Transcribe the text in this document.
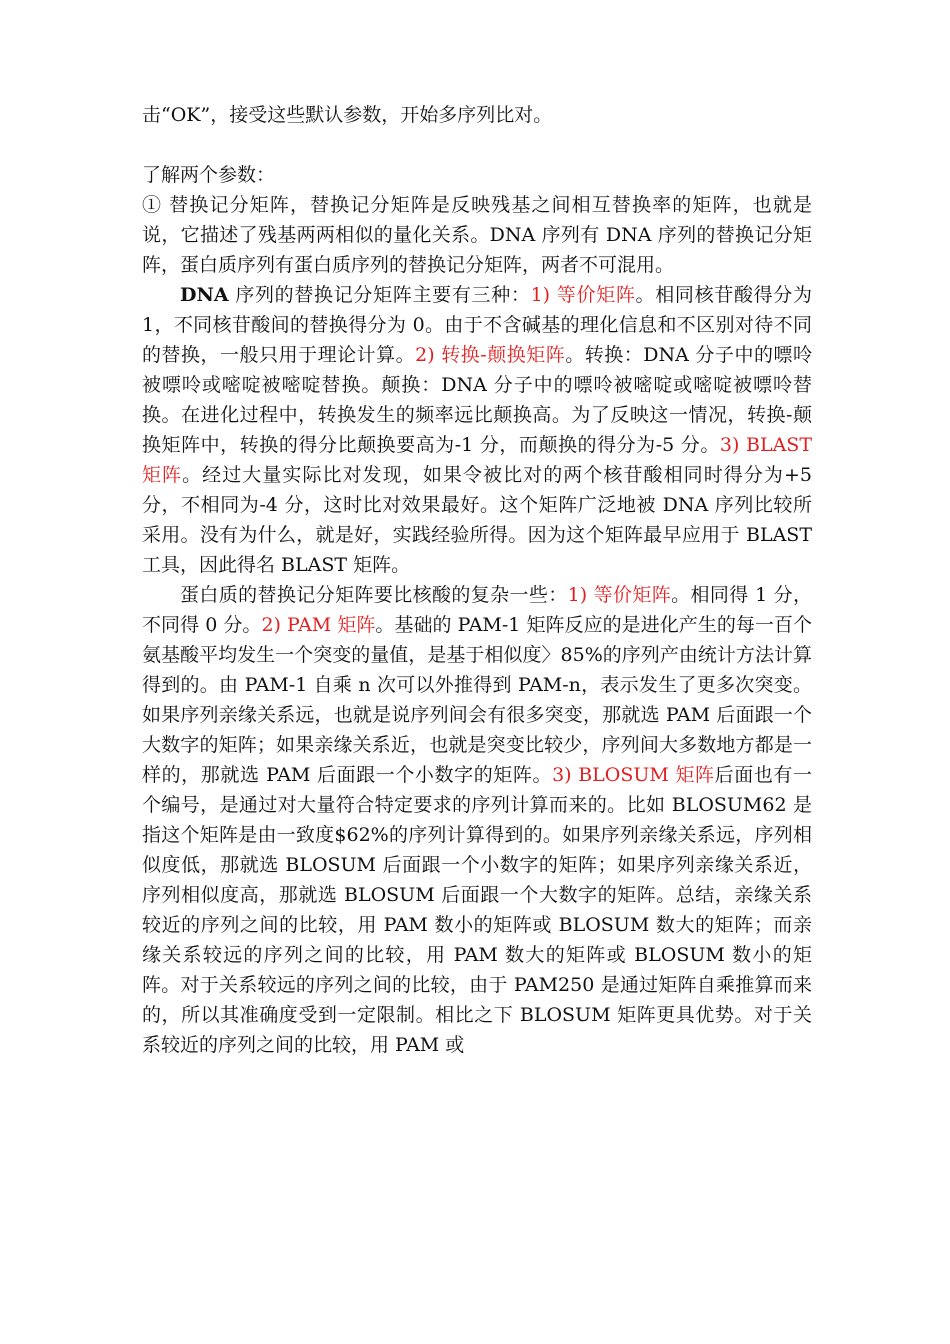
击“OK”，接受这些默认参数，开始多序列比对。

了解两个参数：

① 替换记分矩阵，替换记分矩阵是反映残基之间相互替换率的矩阵，也就是说，它描述了残基两两相似的量化关系。DNA 序列有 DNA 序列的替换记分矩阵，蛋白质序列有蛋白质序列的替换记分矩阵，两者不可混用。

DNA 序列的替换记分矩阵主要有三种：1) 等价矩阵。相同核苷酸得分为 1，不同核苷酸间的替换得分为 0。由于不含碱基的理化信息和不区别对待不同的替换，一般只用于理论计算。2) 转换-颠换矩阵。转换：DNA 分子中的嘌呤被嘌呤或嘧啶被嘧啶替换。颠换：DNA 分子中的嘌呤被嘧啶或嘧啶被嘌呤替换。在进化过程中，转换发生的频率远比颠换高。为了反映这一情况，转换-颠换矩阵中，转换的得分比颠换要高为-1 分，而颠换的得分为-5 分。3) BLAST 矩阵。经过大量实际比对发现，如果令被比对的两个核苷酸相同时得分为+5 分，不相同为-4 分，这时比对效果最好。这个矩阵广泛地被 DNA 序列比较所采用。没有为什么，就是好，实践经验所得。因为这个矩阵最早应用于 BLAST 工具，因此得名 BLAST 矩阵。

蛋白质的替换记分矩阵要比核酸的复杂一些：1) 等价矩阵。相同得 1 分，不同得 0 分。2) PAM 矩阵。基础的 PAM-1 矩阵反应的是进化产生的每一百个氨基酸平均发生一个突变的量值，是基于相似度〉85%的序列产由统计方法计算得到的。由 PAM-1 自乘 n 次可以外推得到 PAM-n，表示发生了更多次突变。如果序列亲缘关系远，也就是说序列间会有很多突变，那就选 PAM 后面跟一个大数字的矩阵；如果亲缘关系近，也就是突变比较少，序列间大多数地方都是一样的，那就选 PAM 后面跟一个小数字的矩阵。3) BLOSUM 矩阵后面也有一个编号，是通过对大量符合特定要求的序列计算而来的。比如 BLOSUM62 是指这个矩阵是由一致度$62%的序列计算得到的。如果序列亲缘关系远，序列相似度低，那就选 BLOSUM 后面跟一个小数字的矩阵；如果序列亲缘关系近，序列相似度高，那就选 BLOSUM 后面跟一个大数字的矩阵。总结，亲缘关系较近的序列之间的比较，用 PAM 数小的矩阵或 BLOSUM 数大的矩阵；而亲缘关系较远的序列之间的比较，用 PAM 数大的矩阵或 BLOSUM 数小的矩阵。对于关系较远的序列之间的比较，由于 PAM250 是通过矩阵自乘推算而来的，所以其准确度受到一定限制。相比之下 BLOSUM 矩阵更具优势。对于关系较近的序列之间的比较，用 PAM 或
